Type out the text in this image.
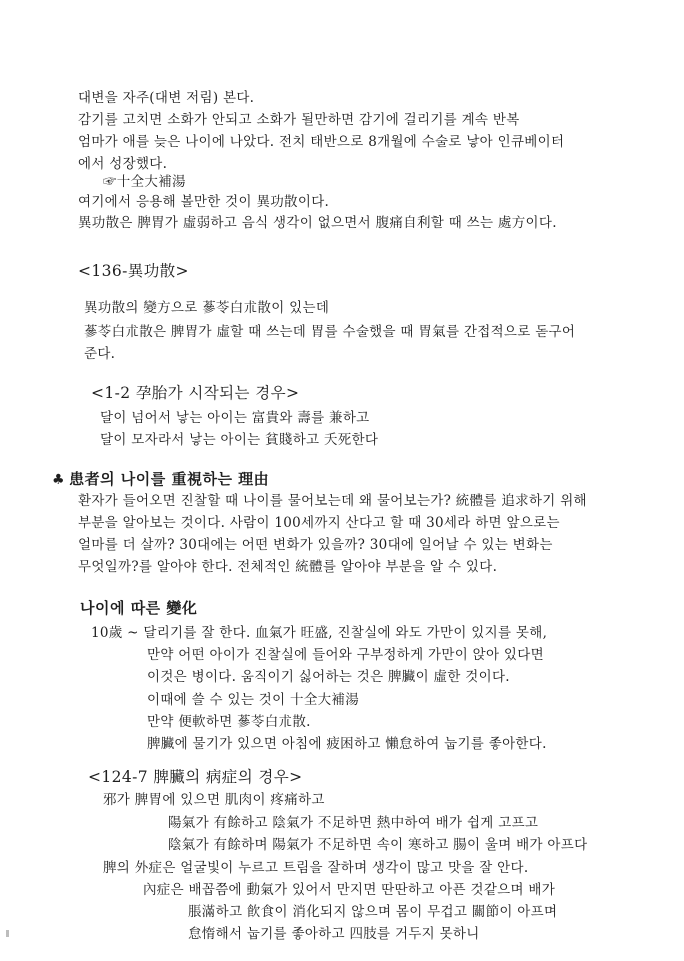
대변을 자주(대변 저림) 본다.
감기를 고치면 소화가 안되고 소화가 될만하면 감기에 걸리기를 계속 반복
엄마가 애를 늦은 나이에 나았다. 전치 태반으로 8개월에 수술로 낳아 인큐베이터
에서 성장했다.
☞十全大補湯
여기에서 응용해 볼만한 것이 異功散이다.
異功散은 脾胃가 虛弱하고 음식 생각이 없으면서 腹痛自利할 때 쓰는 處方이다.
<136-異功散>
異功散의 變方으로 蔘苓白朮散이 있는데
蔘苓白朮散은 脾胃가 虛할 때 쓰는데 胃를 수술했을 때 胃氣를 간접적으로 돋구어
준다.
<1-2 孕胎가 시작되는 경우>
달이 넘어서 낳는 아이는 富貴와 壽를 兼하고
달이 모자라서 낳는 아이는 貧賤하고 夭死한다
♣ 患者의 나이를 重視하는 理由
환자가 들어오면 진찰할 때 나이를 물어보는데 왜 물어보는가? 統體를 追求하기 위해
부분을 알아보는 것이다. 사람이 100세까지 산다고 할 때 30세라 하면 앞으로는
얼마를 더 살까? 30대에는 어떤 변화가 있을까? 30대에 일어날 수 있는 변화는
무엇일까?를 알아야 한다. 전체적인 統體를 알아야 부분을 알 수 있다.
나이에 따른 變化
10歲 ~ 달리기를 잘 한다. 血氣가 旺盛, 진찰실에 와도 가만이 있지를 못해,
만약 어떤 아이가 진찰실에 들어와 구부정하게 가만이 앉아 있다면
이것은 병이다. 움직이기 싫어하는 것은 脾臟이 虛한 것이다.
이때에 쓸 수 있는 것이 十全大補湯
만약 便軟하면 蔘苓白朮散.
脾臟에 물기가 있으면 아침에 疲困하고 懶怠하여 눕기를 좋아한다.
<124-7 脾臟의 病症의 경우>
邪가 脾胃에 있으면 肌肉이 疼痛하고
陽氣가 有餘하고 陰氣가 不足하면 熱中하여 배가 쉽게 고프고
陰氣가 有餘하며 陽氣가 不足하면 속이 寒하고 腸이 울며 배가 아프다
脾의 外症은 얼굴빛이 누르고 트림을 잘하며 생각이 많고 맛을 잘 안다.
內症은 배꼽쯤에 動氣가 있어서 만지면 딴딴하고 아픈 것같으며 배가
脹滿하고 飮食이 消化되지 않으며 몸이 무겁고 關節이 아프며
怠惰해서 눕기를 좋아하고 四肢를 거두지 못하니
